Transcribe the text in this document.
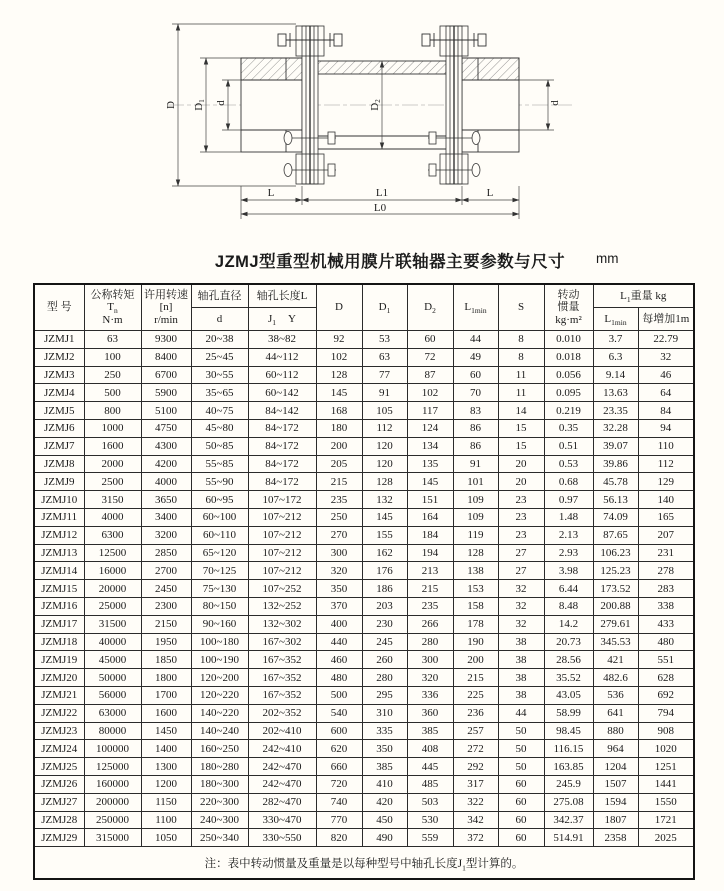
D D1 d	D2	d
L	L1	L
L0
JZMJ型重型机械用膜片联轴器主要参数与尺寸	mm
型 号	公称转矩
$T_n$
N·m	许用转速
[n]
r/min	轴孔直径	轴孔长度L	D	$D_1$	$D_2$	$L_{1min}$	S	转动
惯量
kg·m²	$L_1$重量 kg	
			d	$J_1$ Y							$L_{1min}$	每增加1m
JZMJ1	63	9300	20~38	38~82	92	53	60	44	8	0.010	3.7	22.79
JZMJ2	100	8400	25~45	44~112	102	63	72	49	8	0.018	6.3	32
JZMJ3	250	6700	30~55	60~112	128	77	87	60	11	0.056	9.14	46
JZMJ4	500	5900	35~65	60~142	145	91	102	70	11	0.095	13.63	64
JZMJ5	800	5100	40~75	84~142	168	105	117	83	14	0.219	23.35	84
JZMJ6	1000	4750	45~80	84~172	180	112	124	86	15	0.35	32.28	94
JZMJ7	1600	4300	50~85	84~172	200	120	134	86	15	0.51	39.07	110
JZMJ8	2000	4200	55~85	84~172	205	120	135	91	20	0.53	39.86	112
JZMJ9	2500	4000	55~90	84~172	215	128	145	101	20	0.68	45.78	129
JZMJ10	3150	3650	60~95	107~172	235	132	151	109	23	0.97	56.13	140
JZMJ11	4000	3400	60~100	107~212	250	145	164	109	23	1.48	74.09	165
JZMJ12	6300	3200	60~110	107~212	270	155	184	119	23	2.13	87.65	207
JZMJ13	12500	2850	65~120	107~212	300	162	194	128	27	2.93	106.23	231
JZMJ14	16000	2700	70~125	107~212	320	176	213	138	27	3.98	125.23	278
JZMJ15	20000	2450	75~130	107~252	350	186	215	153	32	6.44	173.52	283
JZMJ16	25000	2300	80~150	132~252	370	203	235	158	32	8.48	200.88	338
JZMJ17	31500	2150	90~160	132~302	400	230	266	178	32	14.2	279.61	433
JZMJ18	40000	1950	100~180	167~302	440	245	280	190	38	20.73	345.53	480
JZMJ19	45000	1850	100~190	167~352	460	260	300	200	38	28.56	421	551
JZMJ20	50000	1800	120~200	167~352	480	280	320	215	38	35.52	482.6	628
JZMJ21	56000	1700	120~220	167~352	500	295	336	225	38	43.05	536	692
JZMJ22	63000	1600	140~220	202~352	540	310	360	236	44	58.99	641	794
JZMJ23	80000	1450	140~240	202~410	600	335	385	257	50	98.45	880	908
JZMJ24	100000	1400	160~250	242~410	620	350	408	272	50	116.15	964	1020
JZMJ25	125000	1300	180~280	242~470	660	385	445	292	50	163.85	1204	1251
JZMJ26	160000	1200	180~300	242~470	720	410	485	317	60	245.9	1507	1441
JZMJ27	200000	1150	220~300	282~470	740	420	503	322	60	275.08	1594	1550
JZMJ28	250000	1100	240~300	330~470	770	450	530	342	60	342.37	1807	1721
JZMJ29	315000	1050	250~340	330~550	820	490	559	372	60	514.91	2358	2025
注：表中转动惯量及重量是以每种型号中轴孔长度$J_1$型计算的。												
